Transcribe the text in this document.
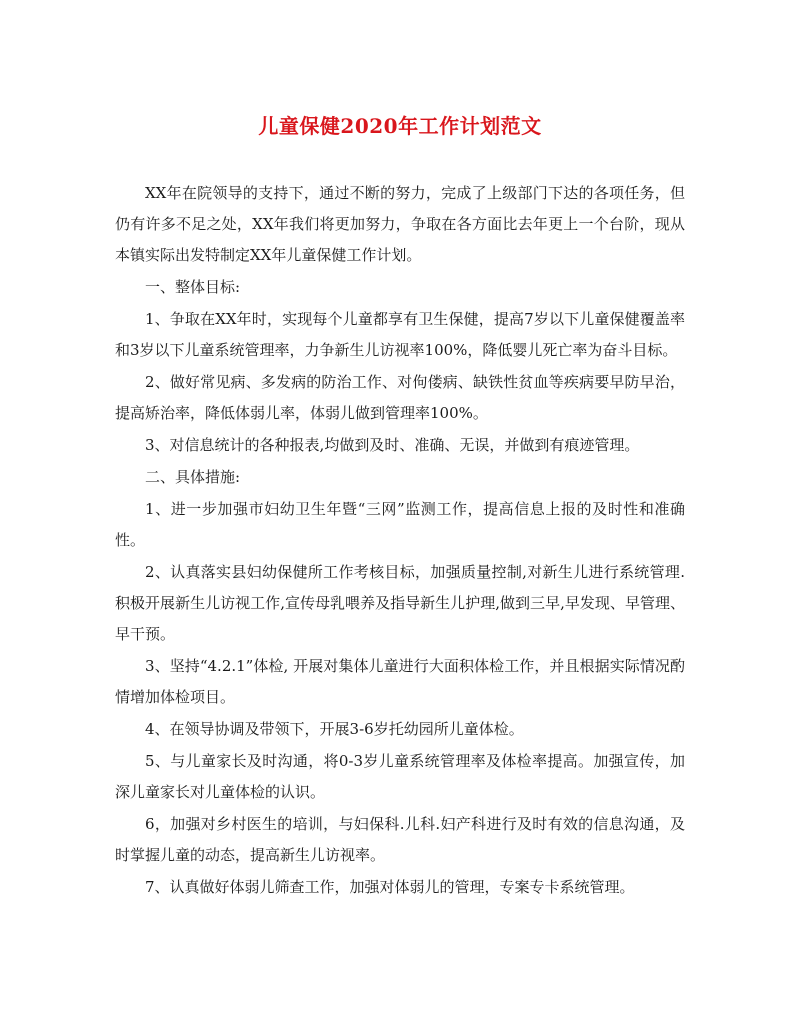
儿童保健2020年工作计划范文

XX年在院领导的支持下，通过不断的努力，完成了上级部门下达的各项任务，但仍有许多不足之处，XX年我们将更加努力，争取在各方面比去年更上一个台阶，现从本镇实际出发特制定XX年儿童保健工作计划。

一、整体目标:

1、争取在XX年时，实现每个儿童都享有卫生保健，提高7岁以下儿童保健覆盖率和3岁以下儿童系统管理率，力争新生儿访视率100%，降低婴儿死亡率为奋斗目标。

2、做好常见病、多发病的防治工作、对佝偻病、缺铁性贫血等疾病要早防早治，提高矫治率，降低体弱儿率，体弱儿做到管理率100%。

3、对信息统计的各种报表,均做到及时、准确、无误，并做到有痕迹管理。

二、具体措施:

1、进一步加强市妇幼卫生年暨“三网”监测工作，提高信息上报的及时性和准确性。

2、认真落实县妇幼保健所工作考核目标，加强质量控制,对新生儿进行系统管理.积极开展新生儿访视工作,宣传母乳喂养及指导新生儿护理,做到三早,早发现、早管理、早干预。

3、坚持“4.2.1”体检, 开展对集体儿童进行大面积体检工作，并且根据实际情况酌情增加体检项目。

4、在领导协调及带领下，开展3-6岁托幼园所儿童体检。

5、与儿童家长及时沟通，将0-3岁儿童系统管理率及体检率提高。加强宣传，加深儿童家长对儿童体检的认识。

6，加强对乡村医生的培训，与妇保科.儿科.妇产科进行及时有效的信息沟通，及时掌握儿童的动态，提高新生儿访视率。

7、认真做好体弱儿筛查工作，加强对体弱儿的管理，专案专卡系统管理。
